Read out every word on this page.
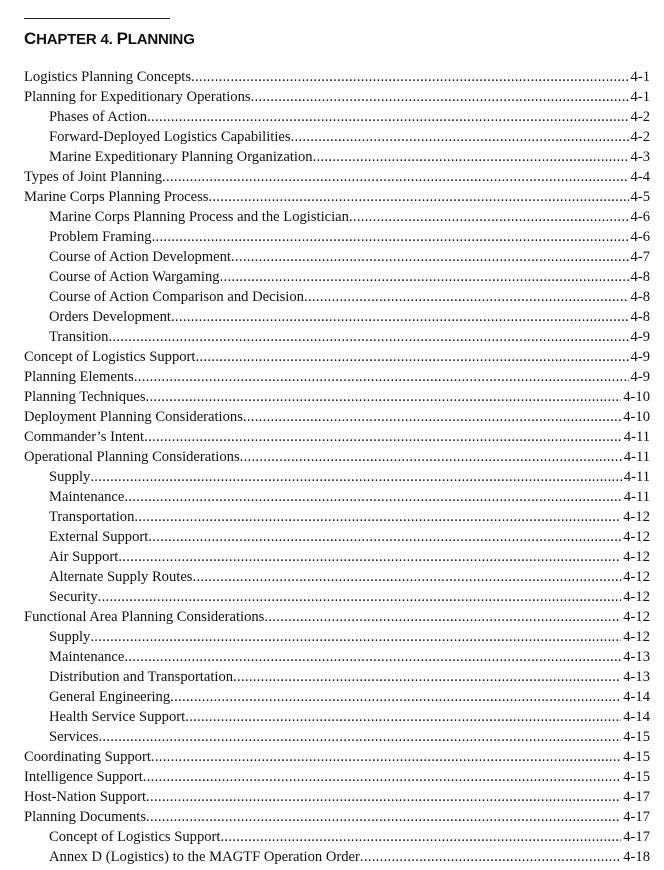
CHAPTER 4. PLANNING
Logistics Planning Concepts .....	4-1
Planning for Expeditionary Operations .....	4-1
Phases of Action .....	4-2
Forward-Deployed Logistics Capabilities .....	4-2
Marine Expeditionary Planning Organization .....	4-3
Types of Joint Planning .....	4-4
Marine Corps Planning Process .....	4-5
Marine Corps Planning Process and the Logistician .....	4-6
Problem Framing .....	4-6
Course of Action Development .....	4-7
Course of Action Wargaming .....	4-8
Course of Action Comparison and Decision .....	4-8
Orders Development .....	4-8
Transition .....	4-9
Concept of Logistics Support .....	4-9
Planning Elements .....	4-9
Planning Techniques .....	4-10
Deployment Planning Considerations .....	4-10
Commander’s Intent .....	4-11
Operational Planning Considerations .....	4-11
Supply .....	4-11
Maintenance .....	4-11
Transportation .....	4-12
External Support .....	4-12
Air Support .....	4-12
Alternate Supply Routes .....	4-12
Security .....	4-12
Functional Area Planning Considerations .....	4-12
Supply .....	4-12
Maintenance .....	4-13
Distribution and Transportation .....	4-13
General Engineering .....	4-14
Health Service Support .....	4-14
Services .....	4-15
Coordinating Support .....	4-15
Intelligence Support .....	4-15
Host-Nation Support .....	4-17
Planning Documents .....	4-17
Concept of Logistics Support .....	4-17
Annex D (Logistics) to the MAGTF Operation Order .....	4-18
